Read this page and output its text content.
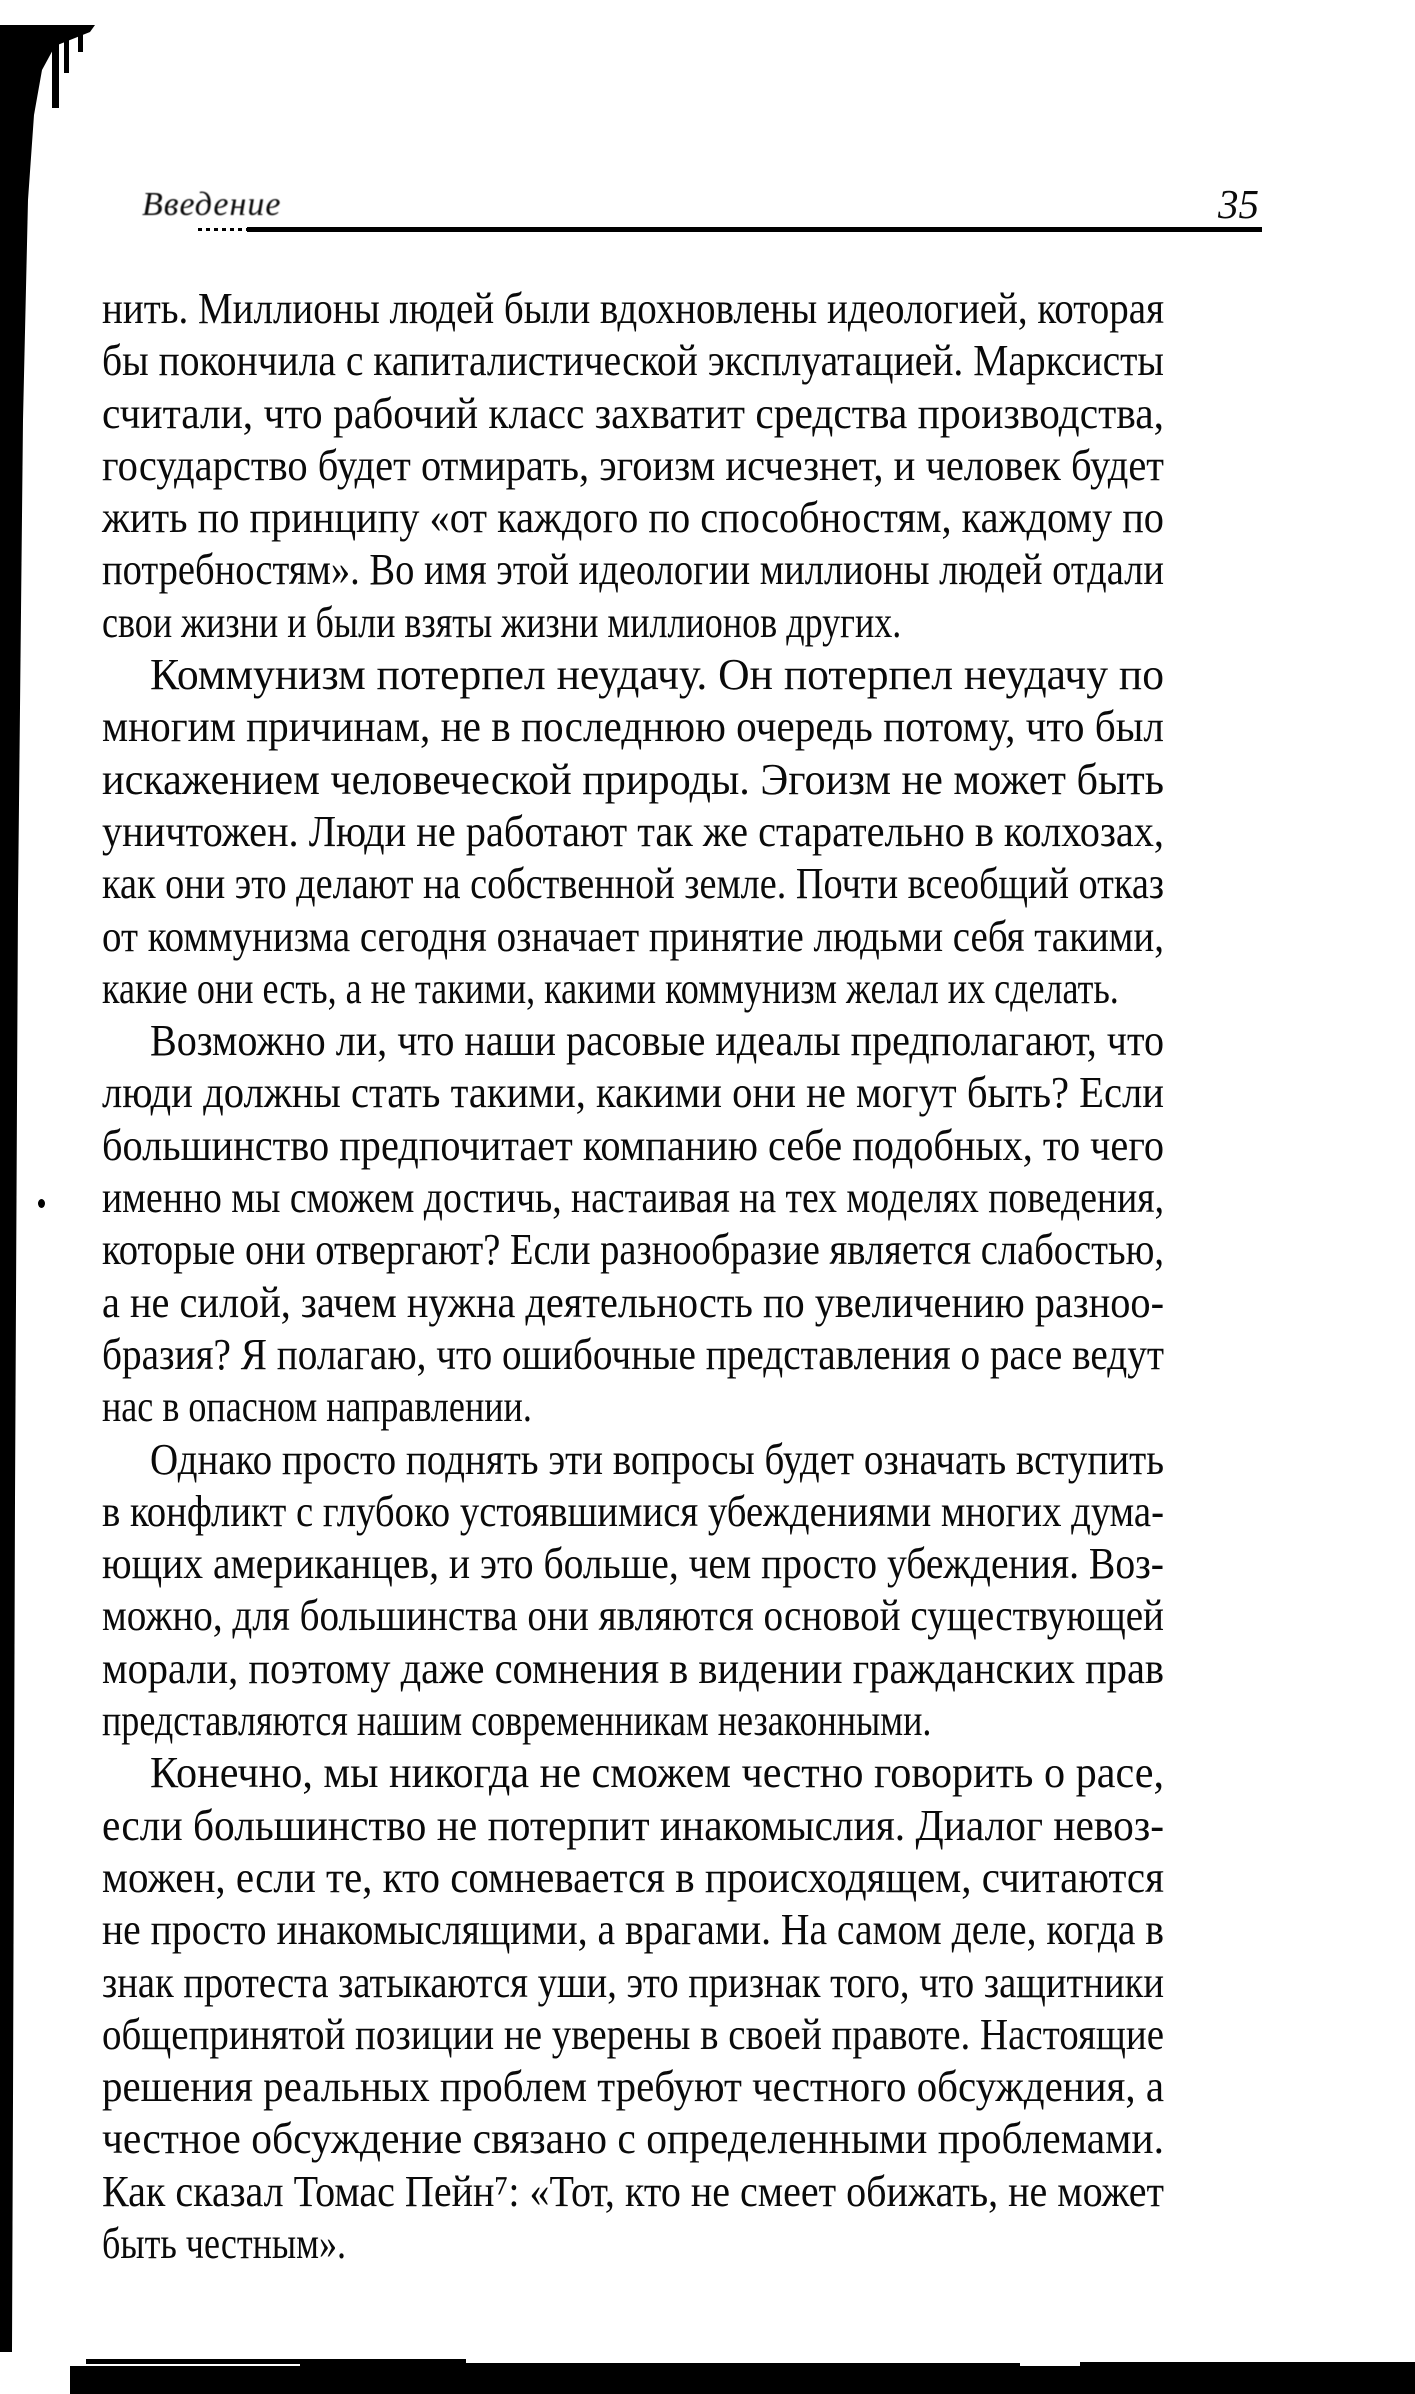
Введение	35
нить. Миллионы людей были вдохновлены идеологией, которая
бы покончила с капиталистической эксплуатацией. Марксисты
считали, что рабочий класс захватит средства производства,
государство будет отмирать, эгоизм исчезнет, и человек будет
жить по принципу «от каждого по способностям, каждому по
потребностям». Во имя этой идеологии миллионы людей отдали
свои жизни и были взяты жизни миллионов других.
Коммунизм потерпел неудачу. Он потерпел неудачу по
многим причинам, не в последнюю очередь потому, что был
искажением человеческой природы. Эгоизм не может быть
уничтожен. Люди не работают так же старательно в колхозах,
как они это делают на собственной земле. Почти всеобщий отказ
от коммунизма сегодня означает принятие людьми себя такими,
какие они есть, а не такими, какими коммунизм желал их сделать.
Возможно ли, что наши расовые идеалы предполагают, что
люди должны стать такими, какими они не могут быть? Если
большинство предпочитает компанию себе подобных, то чего
именно мы сможем достичь, настаивая на тех моделях поведения,
которые они отвергают? Если разнообразие является слабостью,
а не силой, зачем нужна деятельность по увеличению разноо-
бразия? Я полагаю, что ошибочные представления о расе ведут
нас в опасном направлении.
Однако просто поднять эти вопросы будет означать вступить
в конфликт с глубоко устоявшимися убеждениями многих дума-
ющих американцев, и это больше, чем просто убеждения. Воз-
можно, для большинства они являются основой существующей
морали, поэтому даже сомнения в видении гражданских прав
представляются нашим современникам незаконными.
Конечно, мы никогда не сможем честно говорить о расе,
если большинство не потерпит инакомыслия. Диалог невоз-
можен, если те, кто сомневается в происходящем, считаются
не просто инакомыслящими, а врагами. На самом деле, когда в
знак протеста затыкаются уши, это признак того, что защитники
общепринятой позиции не уверены в своей правоте. Настоящие
решения реальных проблем требуют честного обсуждения, а
честное обсуждение связано с определенными проблемами.
Как сказал Томас Пейн⁷: «Тот, кто не смеет обижать, не может
быть честным».
